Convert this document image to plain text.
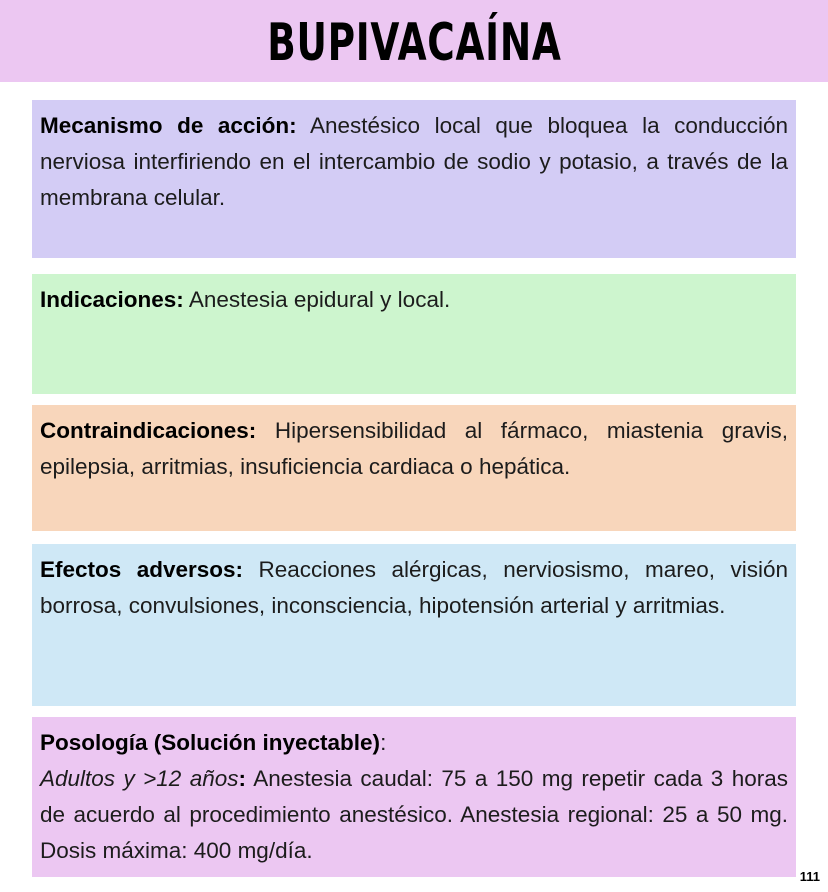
BUPIVACAÍNA
Mecanismo de acción: Anestésico local que bloquea la conducción nerviosa interfiriendo en el intercambio de sodio y potasio, a través de la membrana celular.
Indicaciones: Anestesia epidural y local.
Contraindicaciones: Hipersensibilidad al fármaco, miastenia gravis, epilepsia, arritmias, insuficiencia cardiaca o hepática.
Efectos adversos: Reacciones alérgicas, nerviosismo, mareo, visión borrosa, convulsiones, inconsciencia, hipotensión arterial y arritmias.
Posología (Solución inyectable):
Adultos y >12 años: Anestesia caudal: 75 a 150 mg repetir cada 3 horas de acuerdo al procedimiento anestésico. Anestesia regional: 25 a 50 mg. Dosis máxima: 400 mg/día.
111
